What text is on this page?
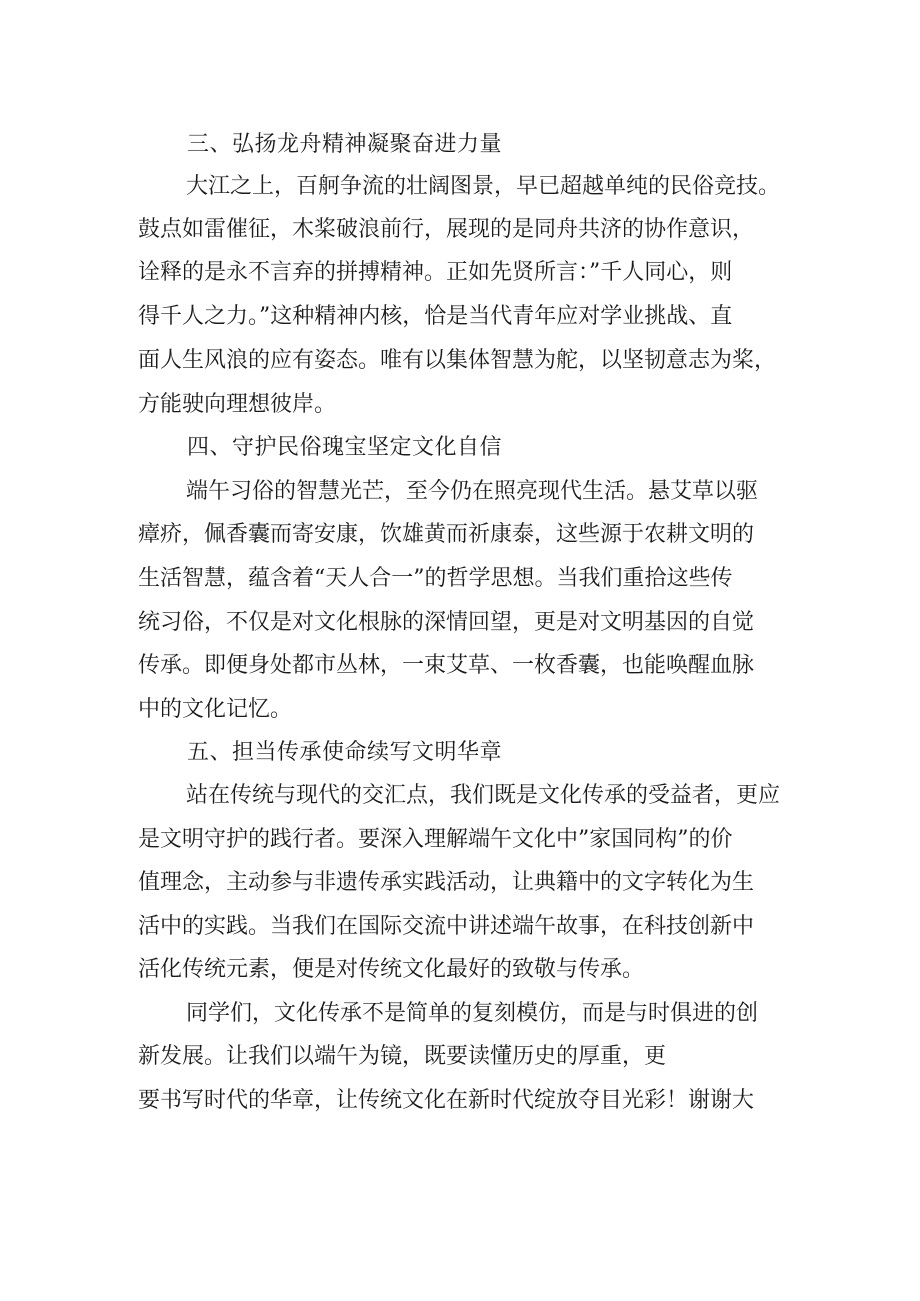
三、弘扬龙舟精神凝聚奋进力量
大江之上，百舸争流的壮阔图景，早已超越单纯的民俗竞技。
鼓点如雷催征，木桨破浪前行，展现的是同舟共济的协作意识，
诠释的是永不言弃的拼搏精神。正如先贤所言：”千人同心，则
得千人之力。”这种精神内核，恰是当代青年应对学业挑战、直
面人生风浪的应有姿态。唯有以集体智慧为舵，以坚韧意志为桨，
方能驶向理想彼岸。
四、守护民俗瑰宝坚定文化自信
端午习俗的智慧光芒，至今仍在照亮现代生活。悬艾草以驱
瘴疥，佩香囊而寄安康，饮雄黄而祈康泰，这些源于农耕文明的
生活智慧，蕴含着“天人合一”的哲学思想。当我们重拾这些传
统习俗，不仅是对文化根脉的深情回望，更是对文明基因的自觉
传承。即便身处都市丛林，一束艾草、一枚香囊，也能唤醒血脉
中的文化记忆。
五、担当传承使命续写文明华章
站在传统与现代的交汇点，我们既是文化传承的受益者，更应
是文明守护的践行者。要深入理解端午文化中”家国同构”的价
值理念，主动参与非遗传承实践活动，让典籍中的文字转化为生
活中的实践。当我们在国际交流中讲述端午故事，在科技创新中
活化传统元素，便是对传统文化最好的致敬与传承。
同学们，文化传承不是简单的复刻模仿，而是与时俱进的创
新发展。让我们以端午为镜，既要读懂历史的厚重，更
要书写时代的华章，让传统文化在新时代绽放夺目光彩！谢谢大
